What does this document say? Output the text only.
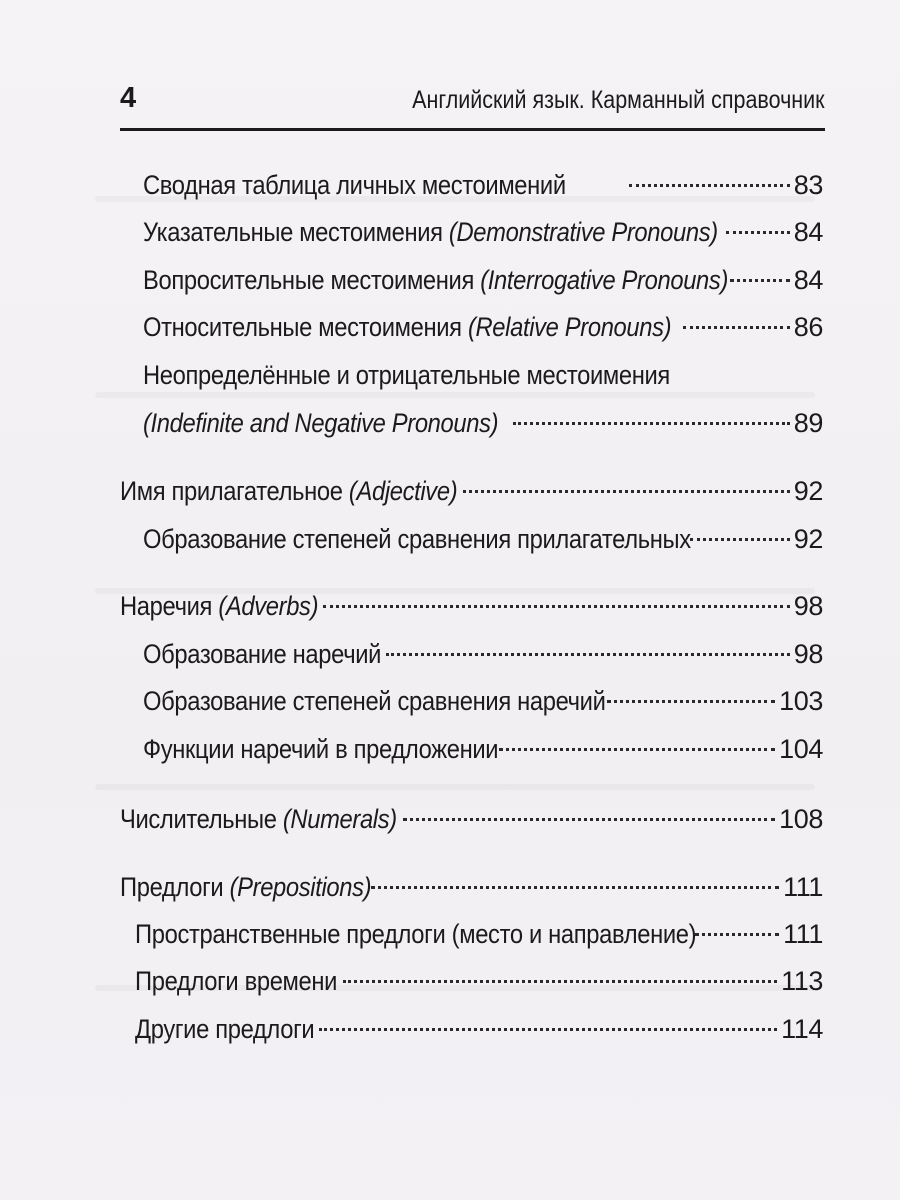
4	Английский язык. Карманный справочник
Сводная таблица личных местоимений	83
Указательные местоимения (Demonstrative Pronouns)	84
Вопросительные местоимения (Interrogative Pronouns)	84
Относительные местоимения (Relative Pronouns)	86
Неопределённые и отрицательные местоимения
(Indefinite and Negative Pronouns)	89
Имя прилагательное (Adjective)	92
Образование степеней сравнения прилагательных	92
Наречия (Adverbs)	98
Образование наречий	98
Образование степеней сравнения наречий	103
Функции наречий в предложении	104
Числительные (Numerals)	108
Предлоги (Prepositions)	111
Пространственные предлоги (место и направление)	111
Предлоги времени	113
Другие предлоги	114
